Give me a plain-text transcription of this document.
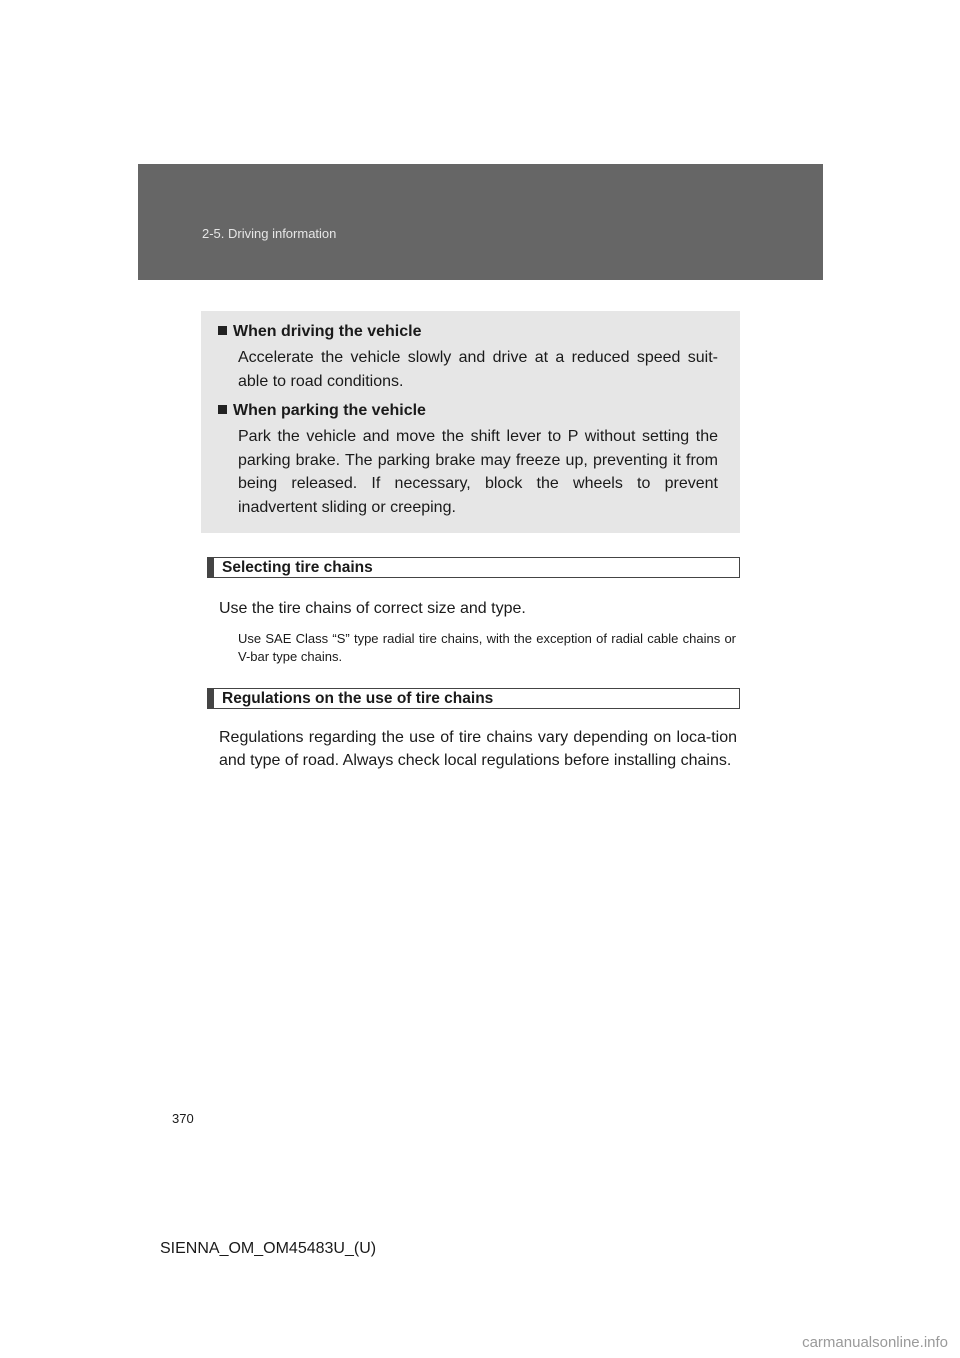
2-5. Driving information
When driving the vehicle
Accelerate the vehicle slowly and drive at a reduced speed suit-able to road conditions.
When parking the vehicle
Park the vehicle and move the shift lever to P without setting the parking brake. The parking brake may freeze up, preventing it from being released. If necessary, block the wheels to prevent inadvertent sliding or creeping.
Selecting tire chains
Use the tire chains of correct size and type.
Use SAE Class “S” type radial tire chains, with the exception of radial cable chains or V-bar type chains.
Regulations on the use of tire chains
Regulations regarding the use of tire chains vary depending on loca-tion and type of road. Always check local regulations before installing chains.
370
SIENNA_OM_OM45483U_(U)
carmanualsonline.info
